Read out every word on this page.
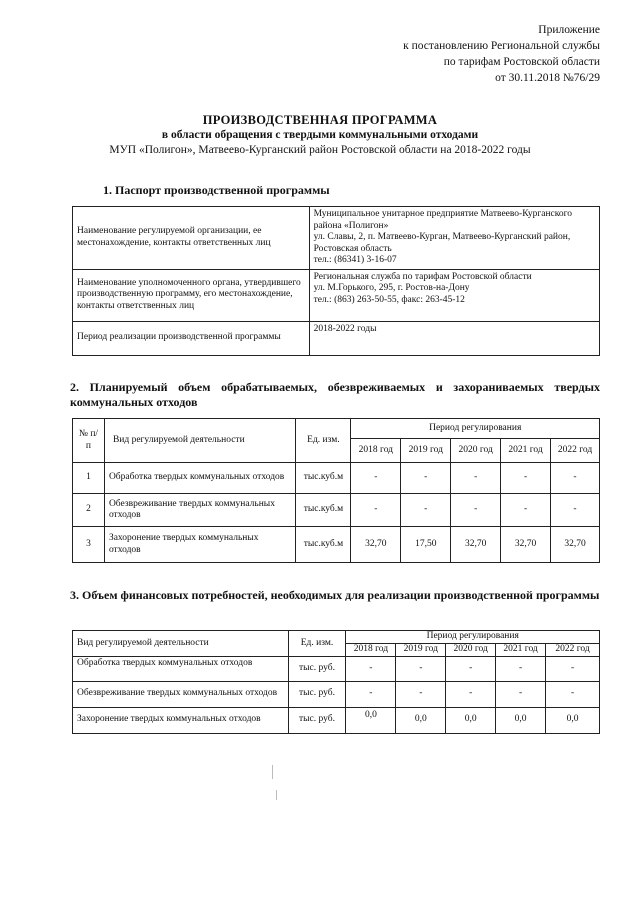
Приложение
к постановлению Региональной службы
по тарифам Ростовской области
от 30.11.2018 №76/29
ПРОИЗВОДСТВЕННАЯ ПРОГРАММА
в области обращения с твердыми коммунальными отходами
МУП «Полигон», Матвеево-Курганский район Ростовской области на 2018-2022 годы
1. Паспорт производственной программы
Наименование регулируемой организации, ее местонахождение, контакты ответственных лиц	Муниципальное унитарное предприятие Матвеево-Курганского района «Полигон»
ул. Славы, 2, п. Матвеево-Курган, Матвеево-Курганский район, Ростовская область
тел.: (86341) 3-16-07

Наименование уполномоченного органа, утвердившего производственную программу, его местонахождение, контакты ответственных лиц	Региональная служба по тарифам Ростовской области
ул. М.Горького, 295, г. Ростов-на-Дону
тел.: (863) 263-50-55, факс: 263-45-12

Период реализации производственной программы	2018-2022 годы
2. Планируемый объем обрабатываемых, обезвреживаемых и захораниваемых твердых коммунальных отходов
№ п/п	Вид регулируемой деятельности	Ед. изм.	Период регулирования				
			2018 год	2019 год	2020 год	2021 год	2022 год
1	Обработка твердых коммунальных отходов	тыс.куб.м	-	-	-	-	-
2	Обезвреживание твердых коммунальных отходов	тыс.куб.м	-	-	-	-	-
3	Захоронение твердых коммунальных отходов	тыс.куб.м	32,70	17,50	32,70	32,70	32,70
3. Объем финансовых потребностей, необходимых для реализации производственной программы
Вид регулируемой деятельности	Ед. изм.	Период регулирования				
		2018 год	2019 год	2020 год	2021 год	2022 год
Обработка твердых коммунальных отходов	тыс. руб.	-	-	-	-	-
Обезвреживание твердых коммунальных отходов	тыс. руб.	-	-	-	-	-
Захоронение твердых коммунальных отходов	тыс. руб.	0,0	0,0	0,0	0,0	0,0
